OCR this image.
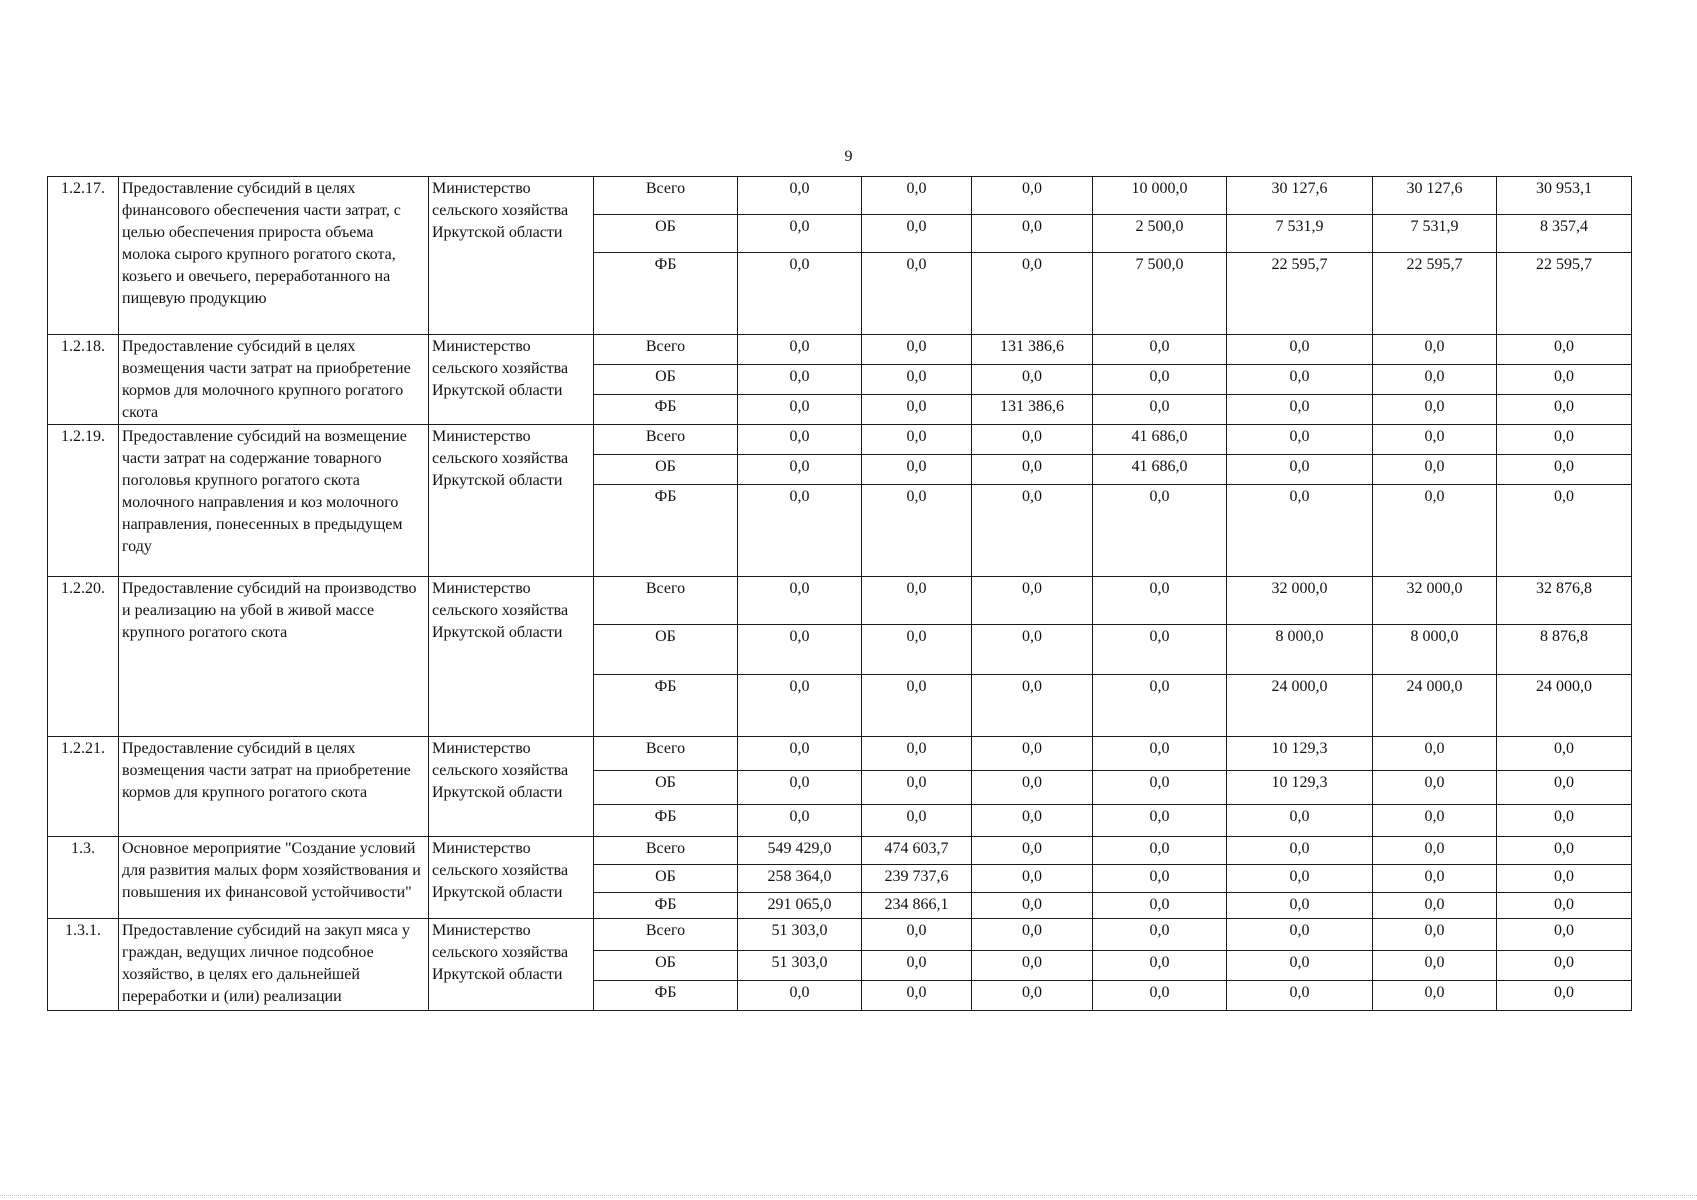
9
1.2.17.	Предоставление субсидий в целях финансового обеспечения части затрат, с целью обеспечения прироста объема молока сырого крупного рогатого скота, козьего и овечьего, переработанного на пищевую продукцию	Министерство сельского хозяйства Иркутской области	Всего	0,0	0,0	0,0	10 000,0	30 127,6	30 127,6	30 953,1
			ОБ	0,0	0,0	0,0	2 500,0	7 531,9	7 531,9	8 357,4
			ФБ	0,0	0,0	0,0	7 500,0	22 595,7	22 595,7	22 595,7
1.2.18.	Предоставление субсидий в целях возмещения части затрат на приобретение кормов для молочного крупного рогатого скота	Министерство сельского хозяйства Иркутской области	Всего	0,0	0,0	131 386,6	0,0	0,0	0,0	0,0
			ОБ	0,0	0,0	0,0	0,0	0,0	0,0	0,0
			ФБ	0,0	0,0	131 386,6	0,0	0,0	0,0	0,0
1.2.19.	Предоставление субсидий на возмещение части затрат на содержание товарного поголовья крупного рогатого скота молочного направления и коз молочного направления, понесенных в предыдущем году	Министерство сельского хозяйства Иркутской области	Всего	0,0	0,0	0,0	41 686,0	0,0	0,0	0,0
			ОБ	0,0	0,0	0,0	41 686,0	0,0	0,0	0,0
			ФБ	0,0	0,0	0,0	0,0	0,0	0,0	0,0
1.2.20.	Предоставление субсидий на производство и реализацию на убой в живой массе крупного рогатого скота	Министерство сельского хозяйства Иркутской области	Всего	0,0	0,0	0,0	0,0	32 000,0	32 000,0	32 876,8
			ОБ	0,0	0,0	0,0	0,0	8 000,0	8 000,0	8 876,8
			ФБ	0,0	0,0	0,0	0,0	24 000,0	24 000,0	24 000,0
1.2.21.	Предоставление субсидий в целях возмещения части затрат на приобретение кормов для крупного рогатого скота	Министерство сельского хозяйства Иркутской области	Всего	0,0	0,0	0,0	0,0	10 129,3	0,0	0,0
			ОБ	0,0	0,0	0,0	0,0	10 129,3	0,0	0,0
			ФБ	0,0	0,0	0,0	0,0	0,0	0,0	0,0
1.3.	Основное мероприятие "Создание условий для развития малых форм хозяйствования и повышения их финансовой устойчивости"	Министерство сельского хозяйства Иркутской области	Всего	549 429,0	474 603,7	0,0	0,0	0,0	0,0	0,0
			ОБ	258 364,0	239 737,6	0,0	0,0	0,0	0,0	0,0
			ФБ	291 065,0	234 866,1	0,0	0,0	0,0	0,0	0,0
1.3.1.	Предоставление субсидий на закуп мяса у граждан, ведущих личное подсобное хозяйство, в целях его дальнейшей переработки и (или) реализации	Министерство сельского хозяйства Иркутской области	Всего	51 303,0	0,0	0,0	0,0	0,0	0,0	0,0
			ОБ	51 303,0	0,0	0,0	0,0	0,0	0,0	0,0
			ФБ	0,0	0,0	0,0	0,0	0,0	0,0	0,0
